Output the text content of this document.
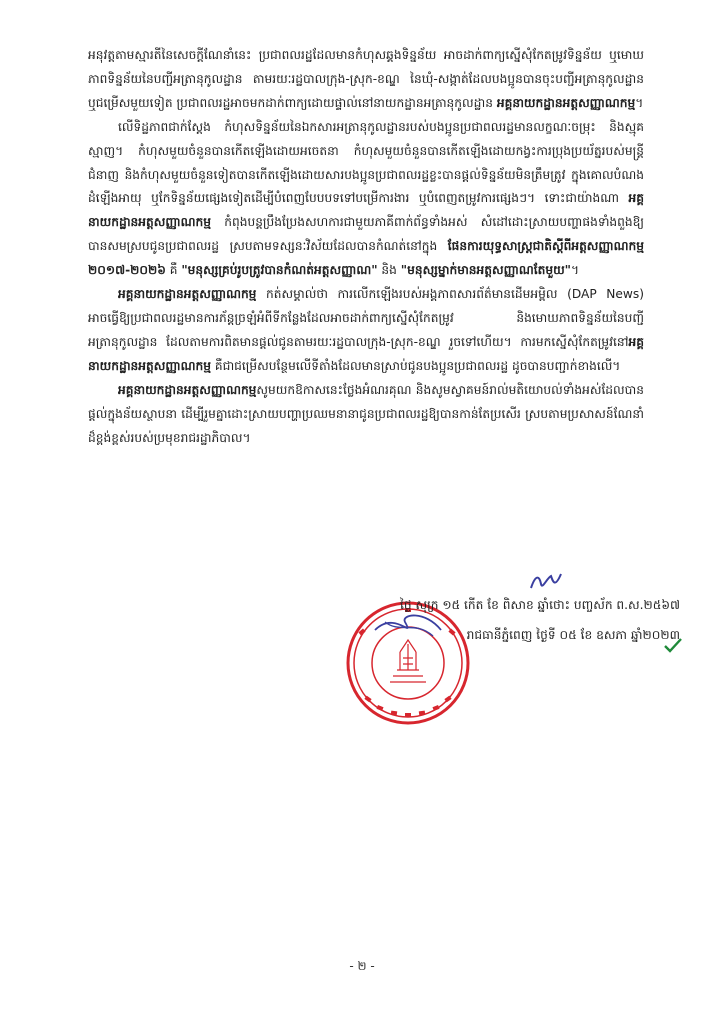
អនុវត្តតាមស្មារតីនៃសេចក្ដីណែនាំនេះ ប្រជាពលរដ្ឋដែលមានកំហុសឆ្គងទិន្នន័យ អាចដាក់ពាក្យស្នើសុំកែតម្រូវទិន្នន័យ ឬមោឃភាពទិន្នន័យនៃបញ្ជីអត្រានុកូលដ្ឋាន តាមរយៈរដ្ឋបាលក្រុង-ស្រុក-ខណ្ឌ នៃឃុំ-សង្កាត់ដែលបងប្អូនបានចុះបញ្ជីអត្រានុកូលដ្ឋាន ឬជម្រើសមួយទៀត ប្រជាពលរដ្ឋអាចមកដាក់ពាក្យដោយផ្ទាល់នៅនាយកដ្ឋានអត្រានុកូលដ្ឋាន អគ្គនាយកដ្ឋានអត្តសញ្ញាណកម្ម។

លើទិដ្ឋភាពជាក់ស្ដែង កំហុសទិន្នន័យនៃឯកសារអត្រានុកូលដ្ឋានរបស់បងប្អូនប្រជាពលរដ្ឋមានលក្ខណៈចម្រុះ និងស្មុគស្មាញ។ កំហុសមួយចំនួនបានកើតឡើងដោយអចេតនា កំហុសមួយចំនួនបានកើតឡើងដោយកង្វះការប្រុងប្រយ័ត្នរបស់មន្ត្រីជំនាញ និងកំហុសមួយចំនួនទៀតបានកើតឡើងដោយសារបងប្អូនប្រជាពលរដ្ឋខ្លះបានផ្ដល់ទិន្នន័យមិនត្រឹមត្រូវ ក្នុងគោលបំណងដំឡើងអាយុ ឬកែទិន្នន័យផ្សេងទៀតដើម្បីបំពេញបែបបទទៅបម្រើការងារ ឬបំពេញតម្រូវការផ្សេងៗ។ ទោះជាយ៉ាងណា អគ្គនាយកដ្ឋានអត្តសញ្ញាណកម្ម កំពុងបន្តប្រឹងប្រែងសហការជាមួយភាគីពាក់ព័ន្ធទាំងអស់ សំដៅដោះស្រាយបញ្ហាផងទាំងពួងឱ្យបានសមស្របជូនប្រជាពលរដ្ឋ ស្របតាមទស្សនៈវិស័យដែលបានកំណត់នៅក្នុង ផែនការយុទ្ធសាស្ត្រជាតិស្ដីពីអត្តសញ្ញាណកម្ម ២០១៧-២០២៦ គឺ "មនុស្សគ្រប់រូបត្រូវបានកំណត់អត្តសញ្ញាណ" និង "មនុស្សម្នាក់មានអត្តសញ្ញាណតែមួយ"។

អគ្គនាយកដ្ឋានអត្តសញ្ញាណកម្ម កត់សម្គាល់ថា ការលើកឡើងរបស់អង្គភាពសារព័ត៌មានដើមអម្ពិល (DAP News) អាចធ្វើឱ្យប្រជាពលរដ្ឋមានការភ័ន្តច្រឡំអំពីទីកន្លែងដែលអាចដាក់ពាក្យស្នើសុំកែតម្រូវ និងមោឃភាពទិន្នន័យនៃបញ្ជីអត្រានុកូលដ្ឋាន ដែលតាមការពិតមានផ្ដល់ជូនតាមរយៈរដ្ឋបាលក្រុង-ស្រុក-ខណ្ឌ រួចទៅហើយ។ ការមកស្នើសុំកែតម្រូវនៅអគ្គនាយកដ្ឋានអត្តសញ្ញាណកម្ម គឺជាជម្រើសបន្ថែមលើទីតាំងដែលមានស្រាប់ជូនបងប្អូនប្រជាពលរដ្ឋ ដូចបានបញ្ជាក់ខាងលើ។

អគ្គនាយកដ្ឋានអត្តសញ្ញាណកម្មសូមយកឱកាសនេះថ្លែងអំណរគុណ និងសូមស្វាគមន៍រាល់មតិយោបល់ទាំងអស់ដែលបានផ្ដល់ក្នុងន័យស្ថាបនា ដើម្បីរួមគ្នាដោះស្រាយបញ្ហាប្រឈមនានាជូនប្រជាពលរដ្ឋឱ្យបានកាន់តែប្រសើរ ស្របតាមប្រសាសន៍ណែនាំដ៏ខ្ពង់ខ្ពស់របស់ប្រមុខរាជរដ្ឋាភិបាល។

ថ្ងៃ សុក្រ ១៥ កើត ខែ ពិសាខ ឆ្នាំថោះ បញ្ចស័ក ព.ស.២៥៦៧
រាជធានីភ្នំពេញ ថ្ងៃទី ០៥ ខែ ឧសភា ឆ្នាំ២០២៣
- ២ -
